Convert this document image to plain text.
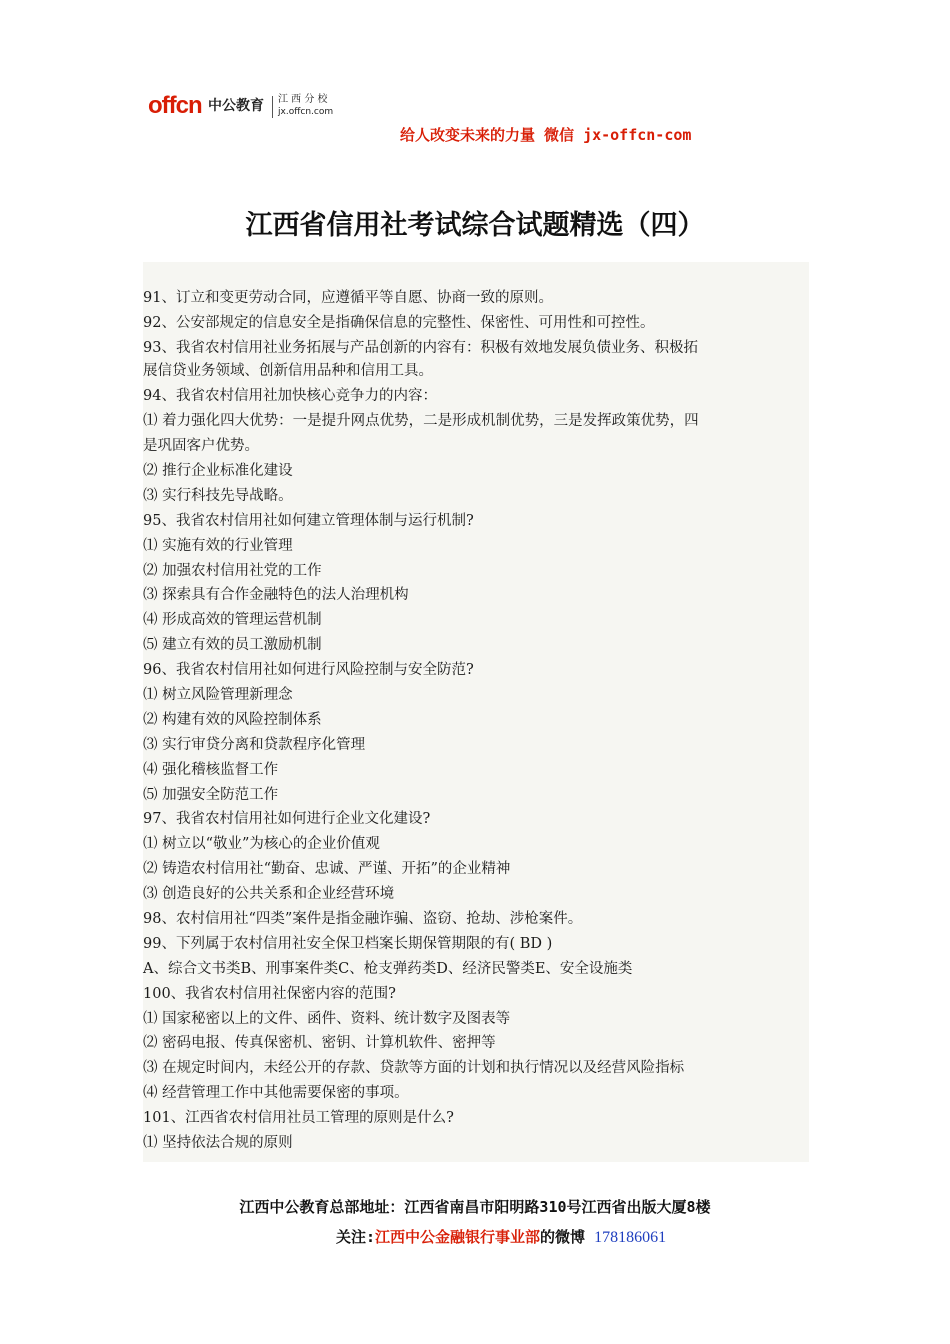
offcn 中公教育 江 西 分 校
jx.offcn.com
给人改变未来的力量 微信 jx-offcn-com
江西省信用社考试综合试题精选（四）
91、订立和变更劳动合同，应遵循平等自愿、协商一致的原则。
92、公安部规定的信息安全是指确保信息的完整性、保密性、可用性和可控性。
93、我省农村信用社业务拓展与产品创新的内容有：积极有效地发展负债业务、积极拓
展信贷业务领域、创新信用品种和信用工具。
94、我省农村信用社加快核心竞争力的内容：
⑴ 着力强化四大优势：一是提升网点优势，二是形成机制优势，三是发挥政策优势，四
是巩固客户优势。
⑵ 推行企业标准化建设
⑶ 实行科技先导战略。
95、我省农村信用社如何建立管理体制与运行机制?
⑴ 实施有效的行业管理
⑵ 加强农村信用社党的工作
⑶ 探索具有合作金融特色的法人治理机构
⑷ 形成高效的管理运营机制
⑸ 建立有效的员工激励机制
96、我省农村信用社如何进行风险控制与安全防范?
⑴ 树立风险管理新理念
⑵ 构建有效的风险控制体系
⑶ 实行审贷分离和贷款程序化管理
⑷ 强化稽核监督工作
⑸ 加强安全防范工作
97、我省农村信用社如何进行企业文化建设?
⑴ 树立以“敬业”为核心的企业价值观
⑵ 铸造农村信用社“勤奋、忠诚、严谨、开拓”的企业精神
⑶ 创造良好的公共关系和企业经营环境
98、农村信用社“四类”案件是指金融诈骗、盗窃、抢劫、涉枪案件。
99、下列属于农村信用社安全保卫档案长期保管期限的有( BD )
A、综合文书类B、刑事案件类C、枪支弹药类D、经济民警类E、安全设施类
100、我省农村信用社保密内容的范围?
⑴ 国家秘密以上的文件、函件、资料、统计数字及图表等
⑵ 密码电报、传真保密机、密钥、计算机软件、密押等
⑶ 在规定时间内，未经公开的存款、贷款等方面的计划和执行情况以及经营风险指标
⑷ 经营管理工作中其他需要保密的事项。
101、江西省农村信用社员工管理的原则是什么?
⑴ 坚持依法合规的原则
江西中公教育总部地址：江西省南昌市阳明路310号江西省出版大厦8楼
关注:江西中公金融银行事业部的微博 178186061
